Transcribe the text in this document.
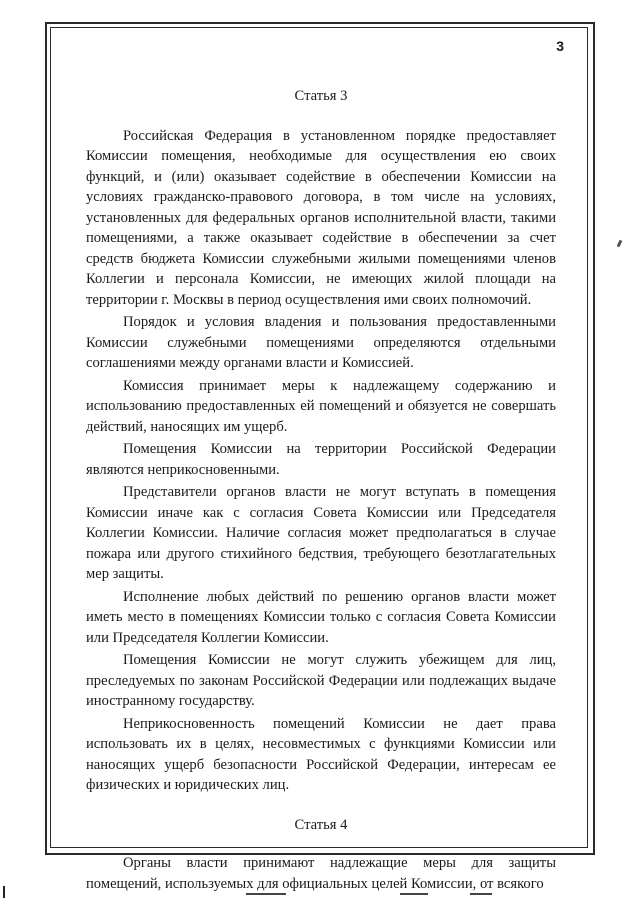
3
Статья 3

Российская Федерация в установленном порядке предоставляет Комиссии помещения, необходимые для осуществления ею своих функций, и (или) оказывает содействие в обеспечении Комиссии на условиях гражданско-правового договора, в том числе на условиях, установленных для федеральных органов исполнительной власти, такими помещениями, а также оказывает содействие в обеспечении за счет средств бюджета Комиссии служебными жилыми помещениями членов Коллегии и персонала Комиссии, не имеющих жилой площади на территории г. Москвы в период осуществления ими своих полномочий.

Порядок и условия владения и пользования предоставленными Комиссии служебными помещениями определяются отдельными соглашениями между органами власти и Комиссией.

Комиссия принимает меры к надлежащему содержанию и использованию предоставленных ей помещений и обязуется не совершать действий, наносящих им ущерб.

Помещения Комиссии на территории Российской Федерации являются неприкосновенными.

Представители органов власти не могут вступать в помещения Комиссии иначе как с согласия Совета Комиссии или Председателя Коллегии Комиссии. Наличие согласия может предполагаться в случае пожара или другого стихийного бедствия, требующего безотлагательных мер защиты.

Исполнение любых действий по решению органов власти может иметь место в помещениях Комиссии только с согласия Совета Комиссии или Председателя Коллегии Комиссии.

Помещения Комиссии не могут служить убежищем для лиц, преследуемых по законам Российской Федерации или подлежащих выдаче иностранному государству.

Неприкосновенность помещений Комиссии не дает права использовать их в целях, несовместимых с функциями Комиссии или наносящих ущерб безопасности Российской Федерации, интересам ее физических и юридических лиц.

Статья 4

Органы власти принимают надлежащие меры для защиты помещений, используемых для официальных целей Комиссии, от всякого
